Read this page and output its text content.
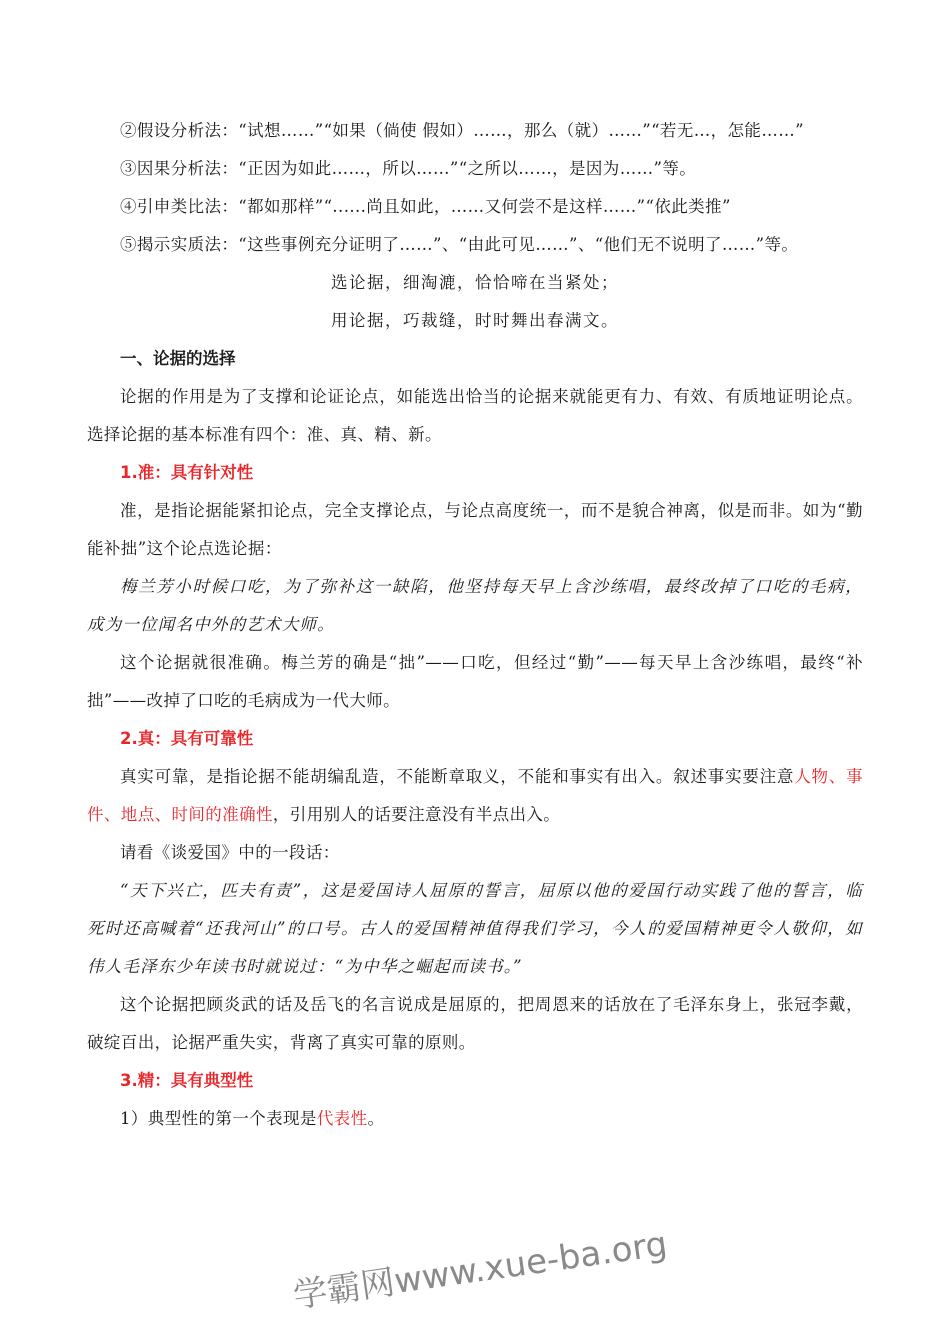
②假设分析法：“试想……”“如果（倘使 假如）……，那么（就）……”“若无…，怎能……”

③因果分析法：“正因为如此……，所以……”“之所以……，是因为……”等。

④引申类比法：“都如那样”“......尚且如此，……又何尝不是这样……”“依此类推”

⑤揭示实质法：“这些事例充分证明了……”、“由此可见……”、“他们无不说明了……”等。

选论据，细淘漉，恰恰啼在当紧处；

用论据，巧裁缝，时时舞出春满文。

一、论据的选择

论据的作用是为了支撑和论证论点，如能选出恰当的论据来就能更有力、有效、有质地证明论点。选择论据的基本标准有四个：准、真、精、新。

1.准：具有针对性

准，是指论据能紧扣论点，完全支撑论点，与论点高度统一，而不是貌合神离，似是而非。如为“勤能补拙”这个论点选论据：

梅兰芳小时候口吃，为了弥补这一缺陷，他坚持每天早上含沙练唱，最终改掉了口吃的毛病，成为一位闻名中外的艺术大师。

这个论据就很准确。梅兰芳的确是“拙”——口吃，但经过“勤”——每天早上含沙练唱，最终“补拙”——改掉了口吃的毛病成为一代大师。

2.真：具有可靠性

真实可靠，是指论据不能胡编乱造，不能断章取义，不能和事实有出入。叙述事实要注意人物、事件、地点、时间的准确性，引用别人的话要注意没有半点出入。

请看《谈爱国》中的一段话：

“天下兴亡，匹夫有责”，这是爱国诗人屈原的誓言，屈原以他的爱国行动实践了他的誓言，临死时还高喊着“还我河山”的口号。古人的爱国精神值得我们学习，今人的爱国精神更令人敬仰，如伟人毛泽东少年读书时就说过：“为中华之崛起而读书。”

这个论据把顾炎武的话及岳飞的名言说成是屈原的，把周恩来的话放在了毛泽东身上，张冠李戴，破绽百出，论据严重失实，背离了真实可靠的原则。

3.精：具有典型性

1）典型性的第一个表现是代表性。

学霸网www.xue-ba.org
